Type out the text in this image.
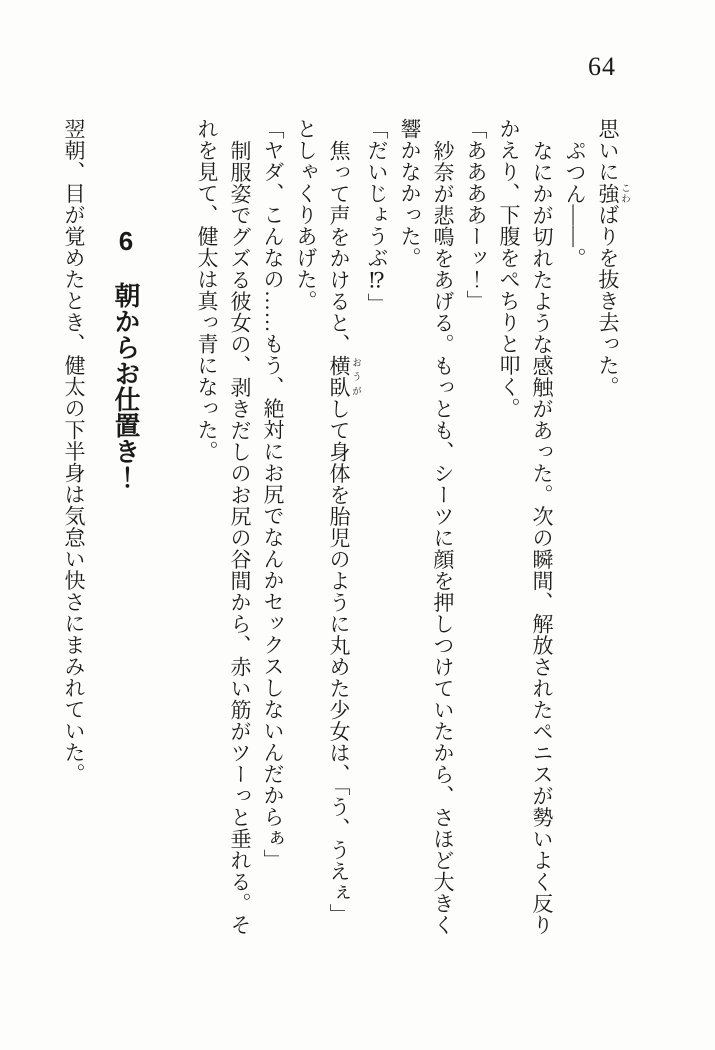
64
思いに強 こわばりを抜き去った。
ぷつん――。
なにかが切れたような感触があった。次の瞬間、解放されたペニスが勢いよく反り
かえり、下腹をぺちりと叩く。
「ああああーッ！」
紗奈が悲鳴をあげる。もっとも、シーツに顔を押しつけていたから、さほど大きく
響かなかった。
「だいじょうぶ⁉」
焦って声をかけると、横臥 おうがして身体を胎児のように丸めた少女は、「う、うえぇ」
としゃくりあげた。
「ヤダ、こんなの……もう、絶対にお尻でなんかセックスしないんだからぁ」
制服姿でグズる彼女の、剥きだしのお尻の谷間から、赤い筋がツーっと垂れる。そ
れを見て、健太は真っ青になった。
6　朝からお仕置き！
翌朝、目が覚めたとき、健太の下半身は気怠い快さにまみれていた。
